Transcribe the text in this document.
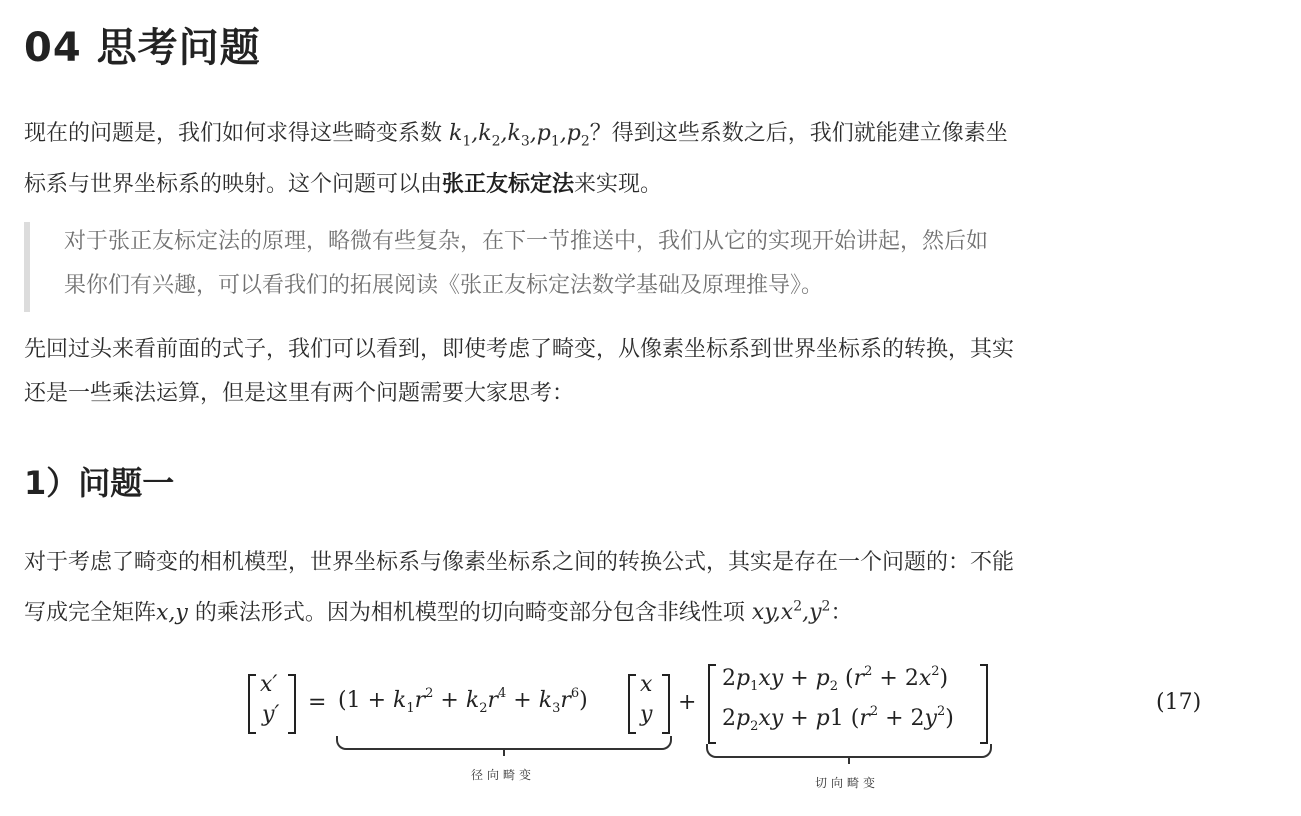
04 思考问题
现在的问题是，我们如何求得这些畸变系数 $k_1,k_2,k_3,p_1,p_2$？得到这些系数之后，我们就能建立像素坐
标系与世界坐标系的映射。这个问题可以由张正友标定法来实现。

对于张正友标定法的原理，略微有些复杂，在下一节推送中，我们从它的实现开始讲起，然后如

果你们有兴趣，可以看我们的拓展阅读《张正友标定法数学基础及原理推导》。

先回过头来看前面的式子，我们可以看到，即使考虑了畸变，从像素坐标系到世界坐标系的转换，其实
还是一些乘法运算，但是这里有两个问题需要大家思考：
1）问题一
对于考虑了畸变的相机模型，世界坐标系与像素坐标系之间的转换公式，其实是存在一个问题的：不能
写成完全矩阵x,y 的乘法形式。因为相机模型的切向畸变部分包含非线性项 $xy,x^2,y^2$：
x′
$y' = (1 + k_1r^2 + k_2r^4 + k_3r^6)$
x
y +
$2p_1xy + p_2$ $(r^2 + 2x^2)$
$2p_2xy + p1$ $(r^2 + 2y^2)$
径向畸变
切向畸变
(17)
